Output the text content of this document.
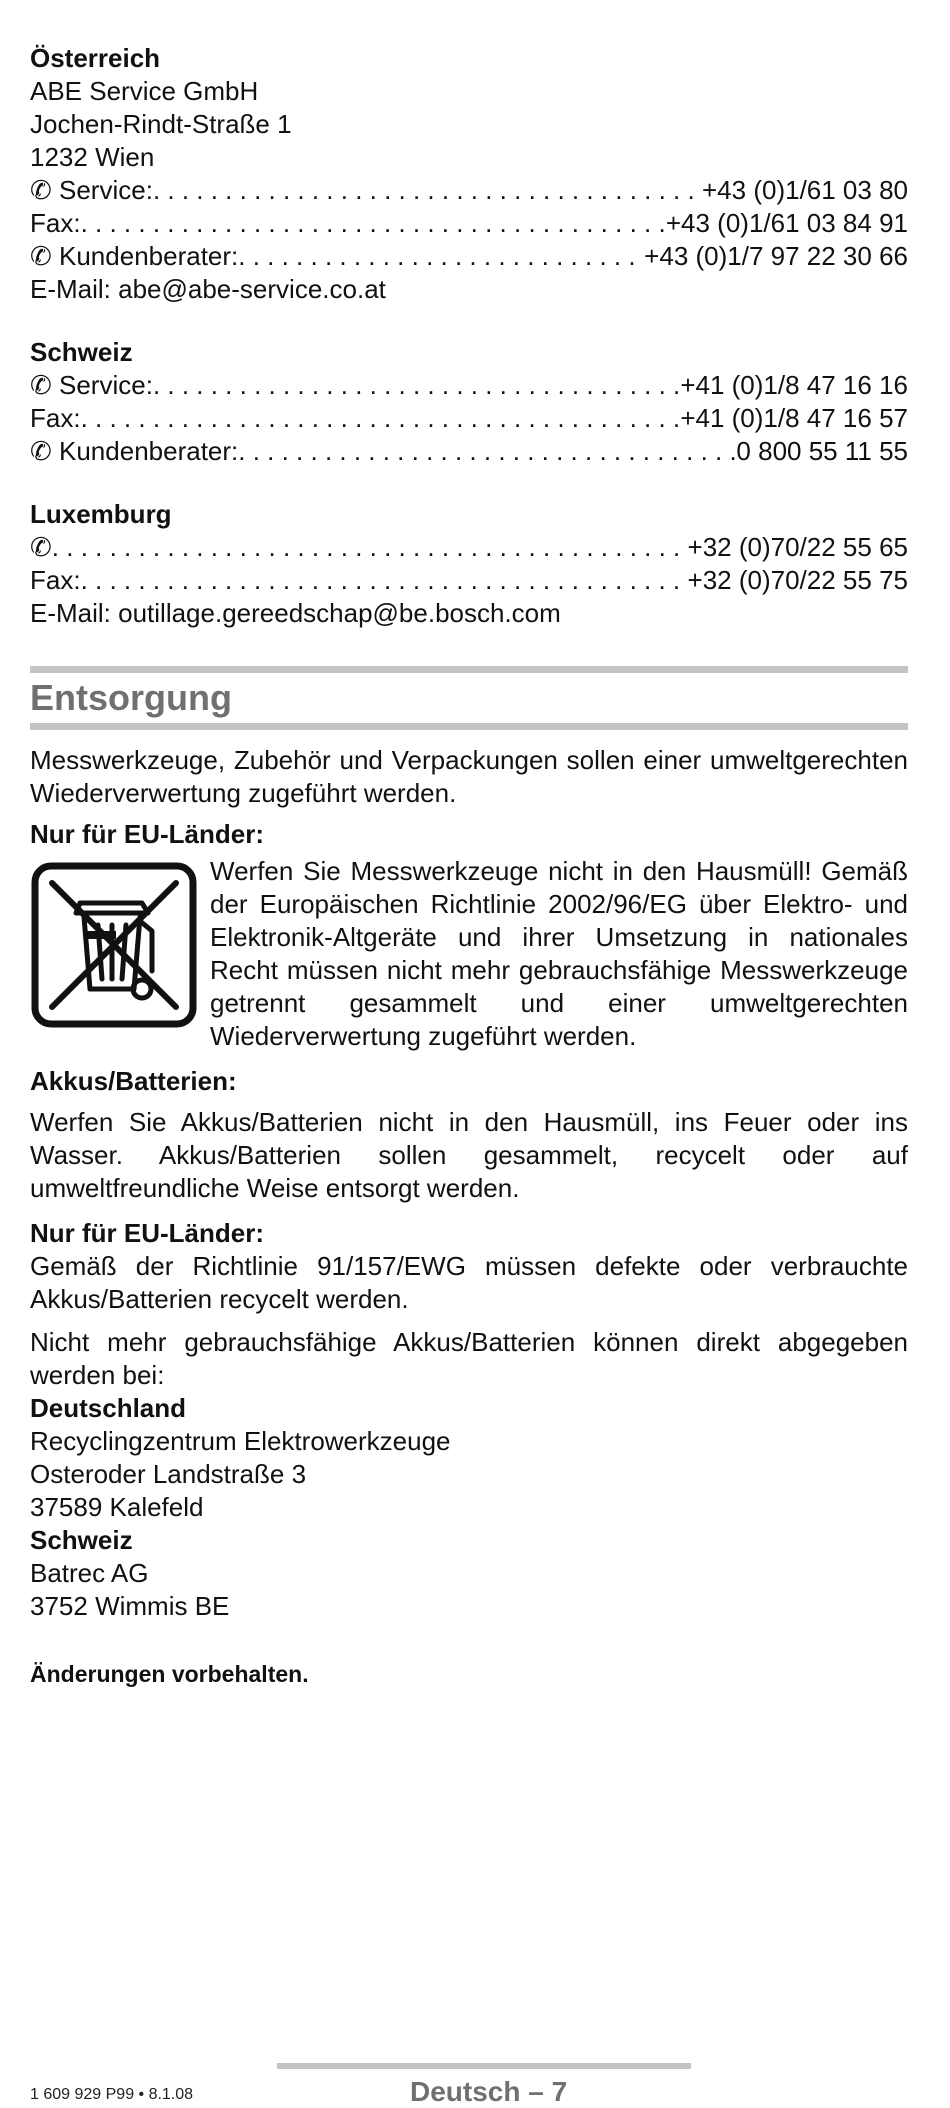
Österreich
ABE Service GmbH
Jochen-Rindt-Straße 1
1232 Wien
✆ Service: . . .	+43 (0)1/61 03 80
Fax: . . .	+43 (0)1/61 03 84 91
✆ Kundenberater: . . .	+43 (0)1/7 97 22 30 66
E-Mail: abe@abe-service.co.at
Schweiz
✆ Service: . . .	+41 (0)1/8 47 16 16
Fax: . . .	+41 (0)1/8 47 16 57
✆ Kundenberater: . . .	0 800 55 11 55
Luxemburg
✆ . . .	+32 (0)70/22 55 65
Fax: . . .	+32 (0)70/22 55 75
E-Mail: outillage.gereedschap@be.bosch.com
Entsorgung
Messwerkzeuge, Zubehör und Verpackungen sollen einer umweltgerechten Wiederverwertung zugeführt werden.
Nur für EU-Länder:
Werfen Sie Messwerkzeuge nicht in den Hausmüll! Gemäß der Europäischen Richtlinie 2002/96/EG über Elektro- und Elektronik-Altgeräte und ihrer Umsetzung in nationales Recht müssen nicht mehr gebrauchsfähige Messwerkzeuge getrennt gesammelt und einer umweltgerechten Wiederverwertung zugeführt werden.
Akkus/Batterien:
Werfen Sie Akkus/Batterien nicht in den Hausmüll, ins Feuer oder ins Wasser. Akkus/Batterien sollen gesammelt, recycelt oder auf umweltfreundliche Weise entsorgt werden.
Nur für EU-Länder:
Gemäß der Richtlinie 91/157/EWG müssen defekte oder verbrauchte Akkus/Batterien recycelt werden.
Nicht mehr gebrauchsfähige Akkus/Batterien können direkt abgegeben werden bei:
Deutschland
Recyclingzentrum Elektrowerkzeuge
Osteroder Landstraße 3
37589 Kalefeld
Schweiz
Batrec AG
3752 Wimmis BE
Änderungen vorbehalten.
1 609 929 P99 • 8.1.08	Deutsch – 7
